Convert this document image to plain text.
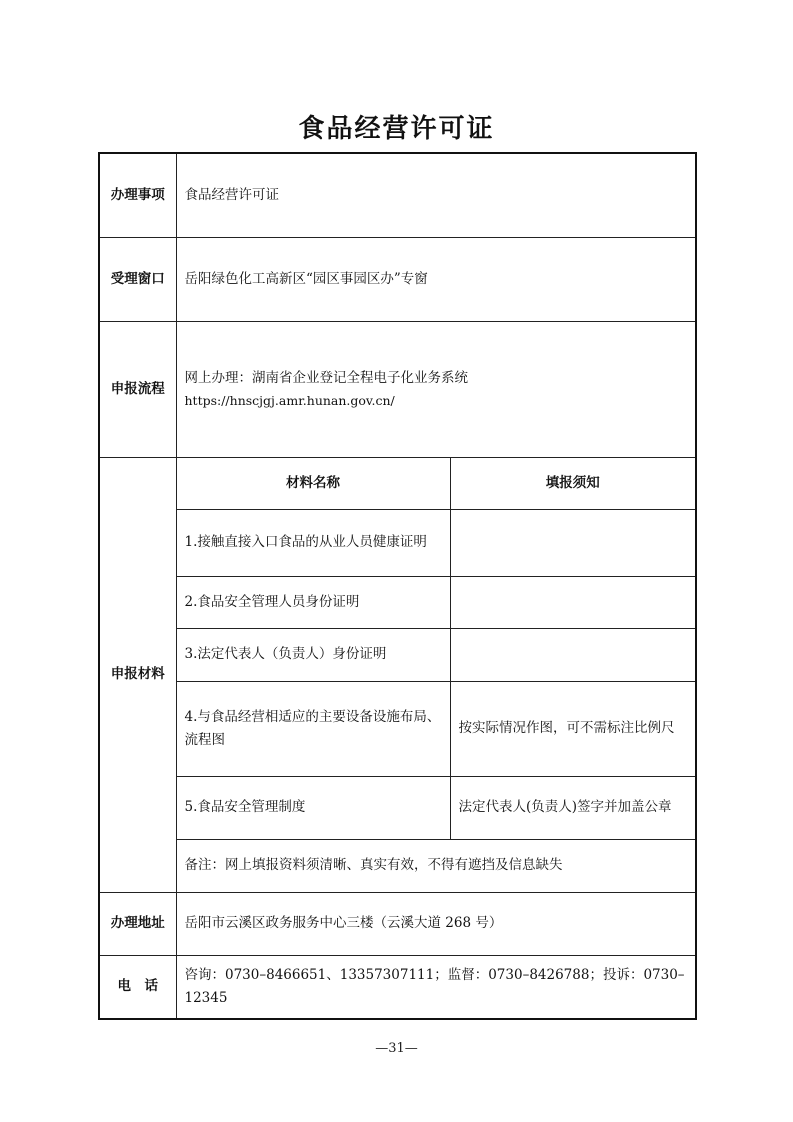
食品经营许可证
办理事项	食品经营许可证	
受理窗口	岳阳绿色化工高新区“园区事园区办”专窗	
申报流程	网上办理：湖南省企业登记全程电子化业务系统
https://hnscjgj.amr.hunan.gov.cn/	

申报材料	材料名称	填报须知
	1.接触直接入口食品的从业人员健康证明	
	2.食品安全管理人员身份证明	
	3.法定代表人（负责人）身份证明	
	4.与食品经营相适应的主要设备设施布局、流程图	按实际情况作图，可不需标注比例尺
	5.食品安全管理制度	法定代表人(负责人)签字并加盖公章
	备注：网上填报资料须清晰、真实有效，不得有遮挡及信息缺失	
办理地址	岳阳市云溪区政务服务中心三楼（云溪大道 268 号）	
电　话	咨询：0730–8466651、13357307111；监督：0730–8426788；投诉：0730–12345	
—31—
